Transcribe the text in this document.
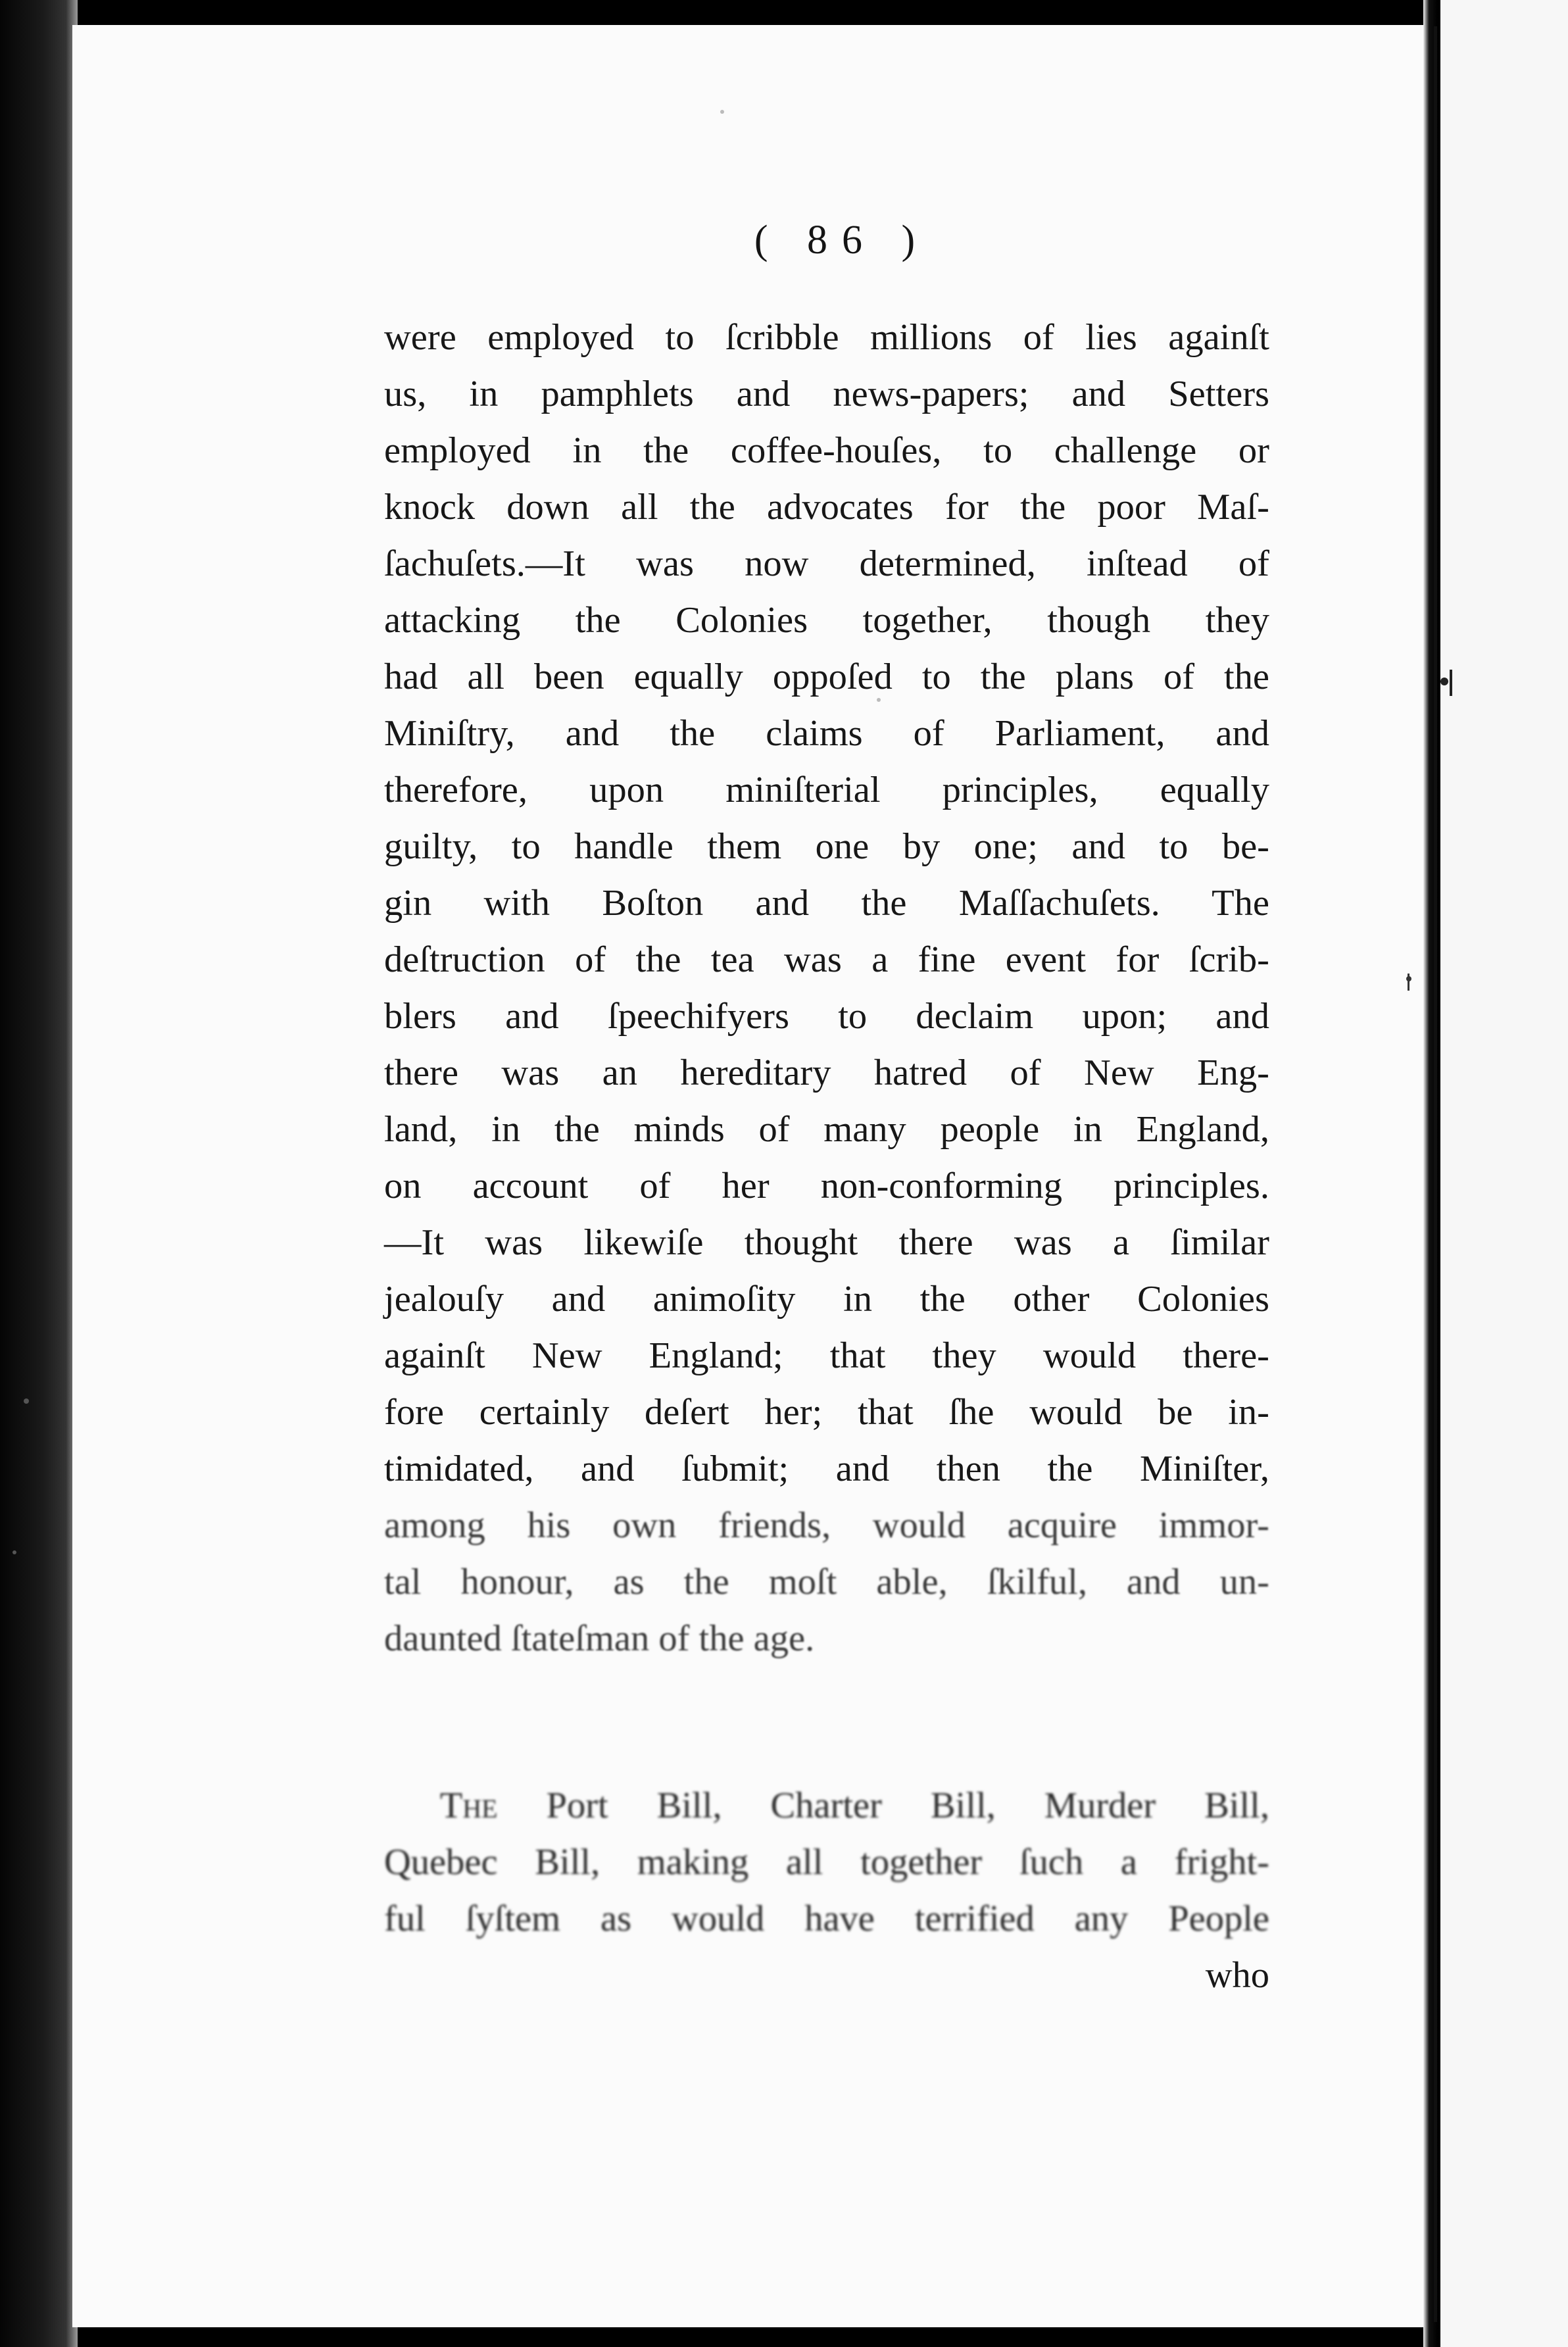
( 86 )
were employed to ſcribble millions of lies againſt
us, in pamphlets and news-papers; and Setters
employed in the coffee-houſes, to challenge or
knock down all the advocates for the poor Maſ-
ſachuſets.—It was now determined, inſtead of
attacking the Colonies together, though they
had all been equally oppoſed to the plans of the
Miniſtry, and the claims of Parliament, and
therefore, upon miniſterial principles, equally
guilty, to handle them one by one; and to be-
gin with Boſton and the Maſſachuſets. The
deſtruction of the tea was a fine event for ſcrib-
blers and ſpeechifyers to declaim upon; and
there was an hereditary hatred of New Eng-
land, in the minds of many people in England,
on account of her non-conforming principles.
—It was likewiſe thought there was a ſimilar
jealouſy and animoſity in the other Colonies
againſt New England; that they would there-
fore certainly deſert her; that ſhe would be in-
timidated, and ſubmit; and then the Miniſter,
among his own friends, would acquire immor-
tal honour, as the moſt able, ſkilful, and un-
daunted ſtateſman of the age.
  The Port Bill, Charter Bill, Murder Bill,
Quebec Bill, making all together ſuch a fright-
ful ſyſtem as would have terrified any People
who
